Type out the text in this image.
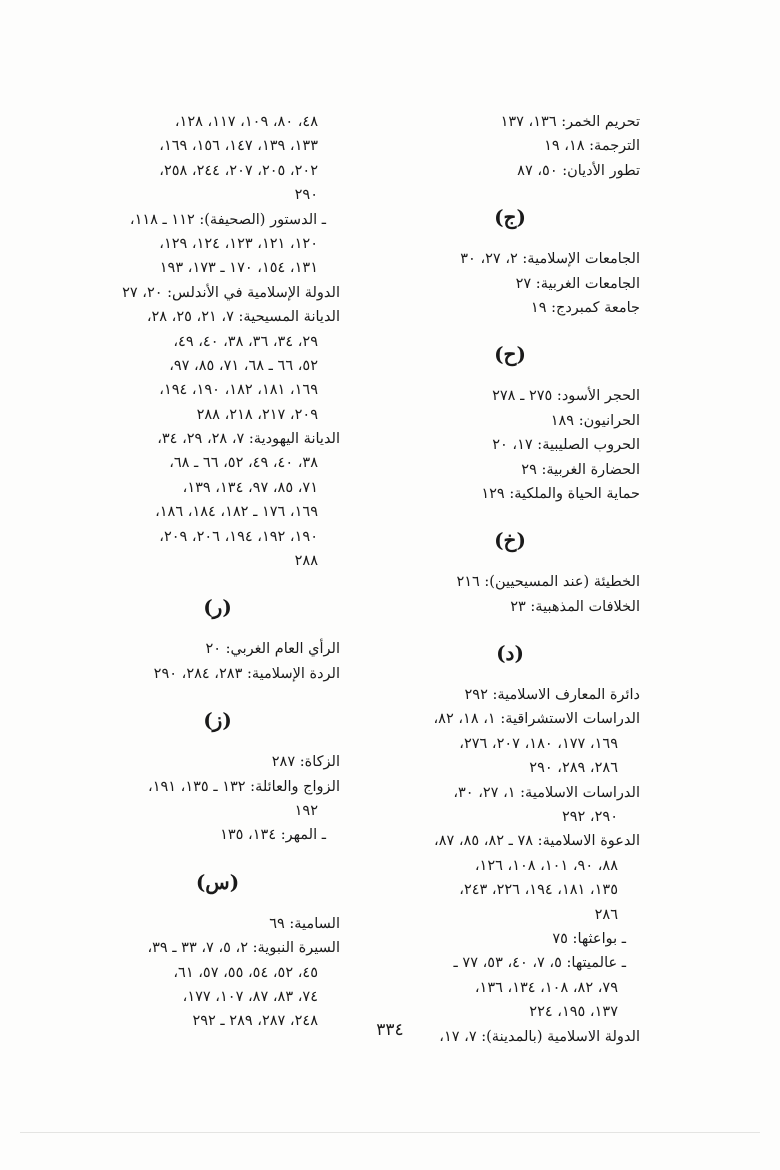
تحريم الخمر: ١٣٦، ١٣٧
الترجمة: ١٨، ١٩
تطور الأديان: ٥٠، ٨٧
(ج)
الجامعات الإسلامية: ٢، ٢٧، ٣٠
الجامعات الغربية: ٢٧
جامعة كمبردج: ١٩
(ح)
الحجر الأسود: ٢٧٥ ـ ٢٧٨
الحرانيون: ١٨٩
الحروب الصليبية: ١٧، ٢٠
الحضارة الغربية: ٢٩
حماية الحياة والملكية: ١٢٩
(خ)
الخطيئة (عند المسيحيين): ٢١٦
الخلافات المذهبية: ٢٣
(د)
دائرة المعارف الاسلامية: ٢٩٢
الدراسات الاستشراقية: ١، ١٨، ٨٢،
١٦٩، ١٧٧، ١٨٠، ٢٠٧، ٢٧٦،
٢٨٦، ٢٨٩، ٢٩٠
الدراسات الاسلامية: ١، ٢٧، ٣٠،
٢٩٠، ٢٩٢
الدعوة الاسلامية: ٧٨ ـ ٨٢، ٨٥، ٨٧،
٨٨، ٩٠، ١٠١، ١٠٨، ١٢٦،
١٣٥، ١٨١، ١٩٤، ٢٢٦، ٢٤٣،
٢٨٦
ـ بواعثها: ٧٥
ـ عالميتها: ٥، ٧، ٤٠، ٥٣، ٧٧ ـ
٧٩، ٨٢، ١٠٨، ١٣٤، ١٣٦،
١٣٧، ١٩٥، ٢٢٤
الدولة الاسلامية (بالمدينة): ٧، ١٧،
٤٨، ٨٠، ١٠٩، ١١٧، ١٢٨،
١٣٣، ١٣٩، ١٤٧، ١٥٦، ١٦٩،
٢٠٢، ٢٠٥، ٢٠٧، ٢٤٤، ٢٥٨،
٢٩٠
ـ الدستور (الصحيفة): ١١٢ ـ ١١٨،
١٢٠، ١٢١، ١٢٣، ١٢٤، ١٢٩،
١٣١، ١٥٤، ١٧٠ ـ ١٧٣، ١٩٣
الدولة الإسلامية في الأندلس: ٢٠، ٢٧
الديانة المسيحية: ٧، ٢١، ٢٥، ٢٨،
٢٩، ٣٤، ٣٦، ٣٨، ٤٠، ٤٩،
٥٢، ٦٦ ـ ٦٨، ٧١، ٨٥، ٩٧،
١٦٩، ١٨١، ١٨٢، ١٩٠، ١٩٤،
٢٠٩، ٢١٧، ٢١٨، ٢٨٨
الديانة اليهودية: ٧، ٢٨، ٢٩، ٣٤،
٣٨، ٤٠، ٤٩، ٥٢، ٦٦ ـ ٦٨،
٧١، ٨٥، ٩٧، ١٣٤، ١٣٩،
١٦٩، ١٧٦ ـ ١٨٢، ١٨٤، ١٨٦،
١٩٠، ١٩٢، ١٩٤، ٢٠٦، ٢٠٩،
٢٨٨
(ر)
الرأي العام الغربي: ٢٠
الردة الإسلامية: ٢٨٣، ٢٨٤، ٢٩٠
(ز)
الزكاة: ٢٨٧
الزواج والعائلة: ١٣٢ ـ ١٣٥، ١٩١،
١٩٢
ـ المهر: ١٣٤، ١٣٥
(س)
السامية: ٦٩
السيرة النبوية: ٢، ٥، ٧، ٣٣ ـ ٣٩،
٤٥، ٥٢، ٥٤، ٥٥، ٥٧، ٦١،
٧٤، ٨٣، ٨٧، ١٠٧، ١٧٧،
٢٤٨، ٢٨٧، ٢٨٩ ـ ٢٩٢	٣٣٤
